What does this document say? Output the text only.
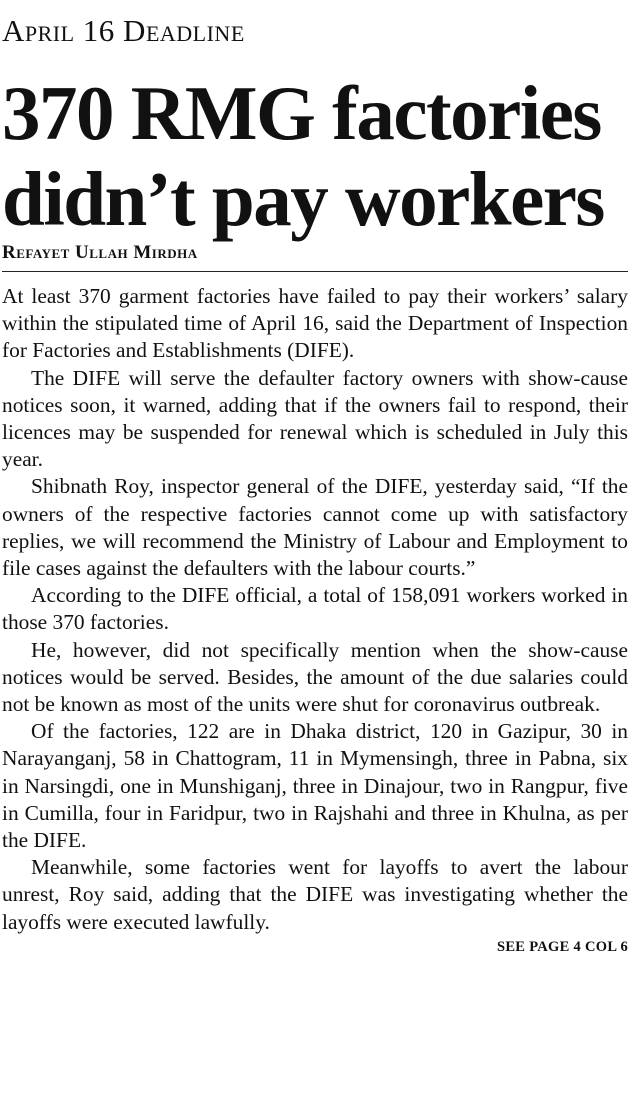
April 16 Deadline
370 RMG factories
didn’t pay workers
Refayet Ullah Mirdha

At least 370 garment factories have failed to pay their workers’ salary within the stipulated time of April 16, said the Department of Inspection for Factories and Establishments (DIFE).

The DIFE will serve the defaulter factory owners with show-cause notices soon, it warned, adding that if the owners fail to respond, their licences may be suspended for renewal which is scheduled in July this year.

Shibnath Roy, inspector general of the DIFE, yesterday said, “If the owners of the respective factories cannot come up with satisfactory replies, we will recommend the Ministry of Labour and Employment to file cases against the defaulters with the labour courts.”

According to the DIFE official, a total of 158,091 workers worked in those 370 factories.

He, however, did not specifically mention when the show-cause notices would be served. Besides, the amount of the due salaries could not be known as most of the units were shut for coronavirus outbreak.

Of the factories, 122 are in Dhaka district, 120 in Gazipur, 30 in Narayanganj, 58 in Chattogram, 11 in Mymensingh, three in Pabna, six in Narsingdi, one in Munshiganj, three in Dinajour, two in Rangpur, five in Cumilla, four in Faridpur, two in Rajshahi and three in Khulna, as per the DIFE.

Meanwhile, some factories went for layoffs to avert the labour unrest, Roy said, adding that the DIFE was investigating whether the layoffs were executed lawfully.

SEE PAGE 4 COL 6
